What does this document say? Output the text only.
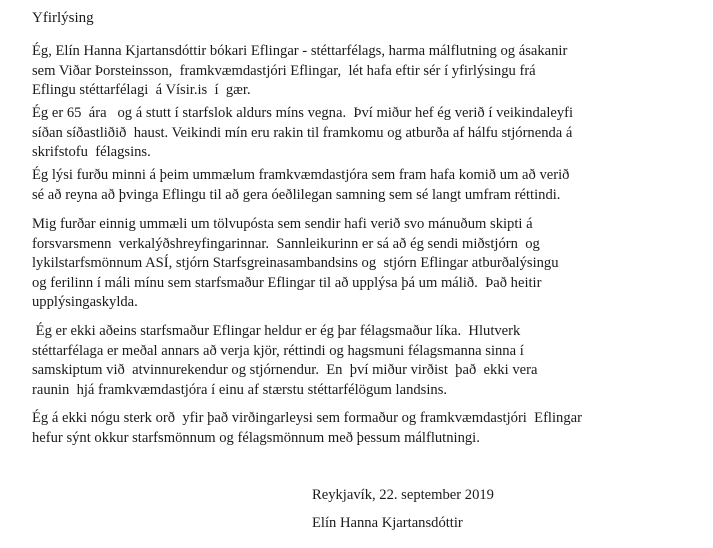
Yfirlýsing
Ég, Elín Hanna Kjartansdóttir bókari Eflingar - stéttarfélags, harma málflutning og ásakanir
sem Viðar Þorsteinsson,  framkvæmdastjóri Eflingar,  lét hafa eftir sér í yfirlýsingu frá
Eflingu stéttarfélagi  á Vísir.is  í  gær.
Ég er 65  ára   og á stutt í starfslok aldurs míns vegna.  Því miður hef ég verið í veikindaleyfi
síðan síðastliðið  haust. Veikindi mín eru rakin til framkomu og atburða af hálfu stjórnenda á
skrifstofu  félagsins.
Ég lýsi furðu minni á þeim ummælum framkvæmdastjóra sem fram hafa komið um að verið
sé að reyna að þvinga Eflingu til að gera óeðlilegan samning sem sé langt umfram réttindi.
Mig furðar einnig ummæli um tölvupósta sem sendir hafi verið svo mánuðum skipti á
forsvarsmenn  verkalýðshreyfingarinnar.  Sannleikurinn er sá að ég sendi miðstjórn  og
lykilstarfsmönnum ASÍ, stjórn Starfsgreinasambandsins og  stjórn Eflingar atburðalýsingu
og ferilinn í máli mínu sem starfsmaður Eflingar til að upplýsa þá um málið.  Það heitir
upplýsingaskylda.
Ég er ekki aðeins starfsmaður Eflingar heldur er ég þar félagsmaður líka.  Hlutverk
stéttarfélaga er meðal annars að verja kjör, réttindi og hagsmuni félagsmanna sinna í
samskiptum við  atvinnurekendur og stjórnendur.  En  því miður virðist  það  ekki vera
raunin  hjá framkvæmdastjóra í einu af stærstu stéttarfélögum landsins.
Ég á ekki nógu sterk orð  yfir það virðingarleysi sem formaður og framkvæmdastjóri  Eflingar
hefur sýnt okkur starfsmönnum og félagsmönnum með þessum málflutningi.
Reykjavík, 22. september 2019
Elín Hanna Kjartansdóttir
